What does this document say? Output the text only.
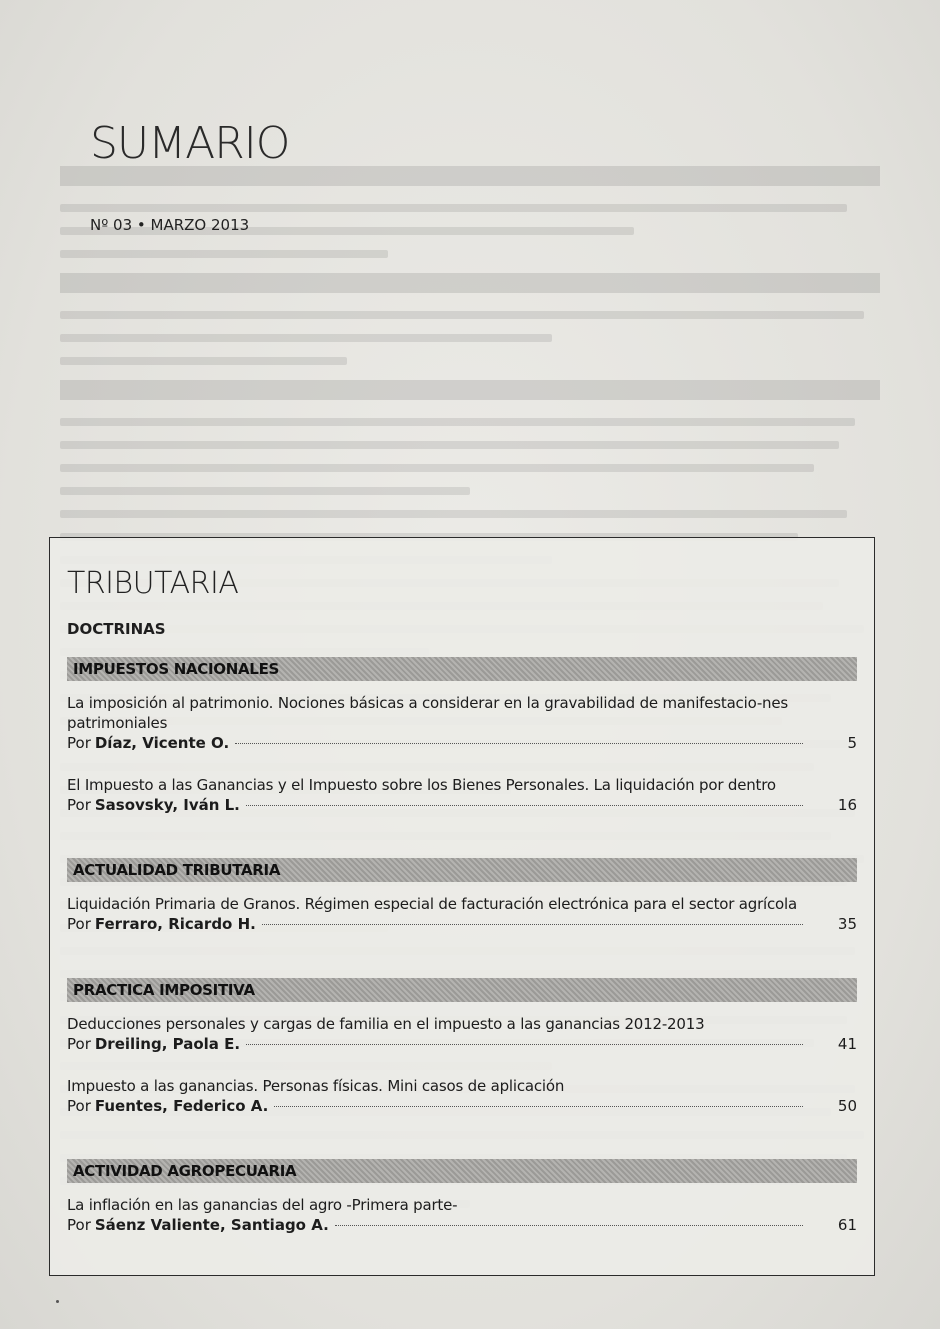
SUMARIO
Nº 03 • MARZO 2013
TRIBUTARIA
DOCTRINAS
IMPUESTOS NACIONALES
La imposición al patrimonio. Nociones básicas a considerar en la gravabilidad de manifestacio-nes patrimoniales
Por Díaz, Vicente O.	5
El Impuesto a las Ganancias y el Impuesto sobre los Bienes Personales. La liquidación por dentro
Por Sasovsky, Iván L.	16
ACTUALIDAD TRIBUTARIA
Liquidación Primaria de Granos. Régimen especial de facturación electrónica para el sector agrícola
Por Ferraro, Ricardo H.	35
PRACTICA IMPOSITIVA
Deducciones personales y cargas de familia en el impuesto a las ganancias 2012-2013
Por Dreiling, Paola E.	41
Impuesto a las ganancias. Personas físicas. Mini casos de aplicación
Por Fuentes, Federico A.	50
ACTIVIDAD AGROPECUARIA
La inflación en las ganancias del agro -Primera parte-
Por Sáenz Valiente, Santiago A.	61
